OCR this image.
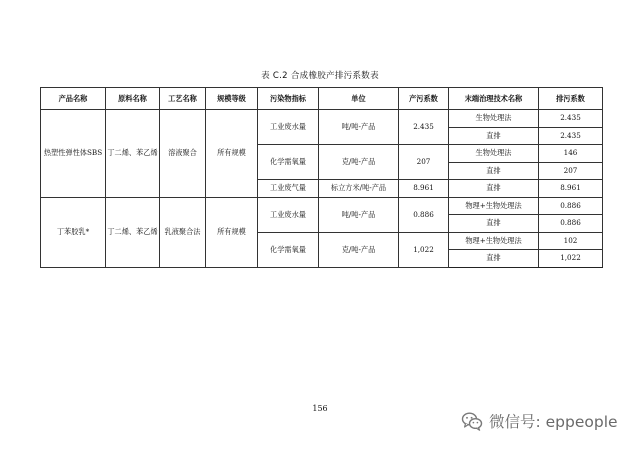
表 C.2 合成橡胶产排污系数表
产品名称	原料名称	工艺名称	规模等级	污染物指标	单位	产污系数	末端治理技术名称	排污系数
热塑性弹性体SBS	丁二烯、苯乙烯	溶液聚合	所有规模	工业废水量	吨/吨-产品	2.435	生物处理法	2.435
							直排	2.435
				化学需氧量	克/吨-产品	207	生物处理法	146
							直排	207
				工业废气量	标立方米/吨-产品	8.961	直排	8.961
丁苯胶乳*	丁二烯、苯乙烯	乳液聚合法	所有规模	工业废水量	吨/吨-产品	0.886	物理+生物处理法	0.886
							直排	0.886
				化学需氧量	克/吨-产品	1,022	物理+生物处理法	102
							直排	1,022
156
微信号: eppeople
